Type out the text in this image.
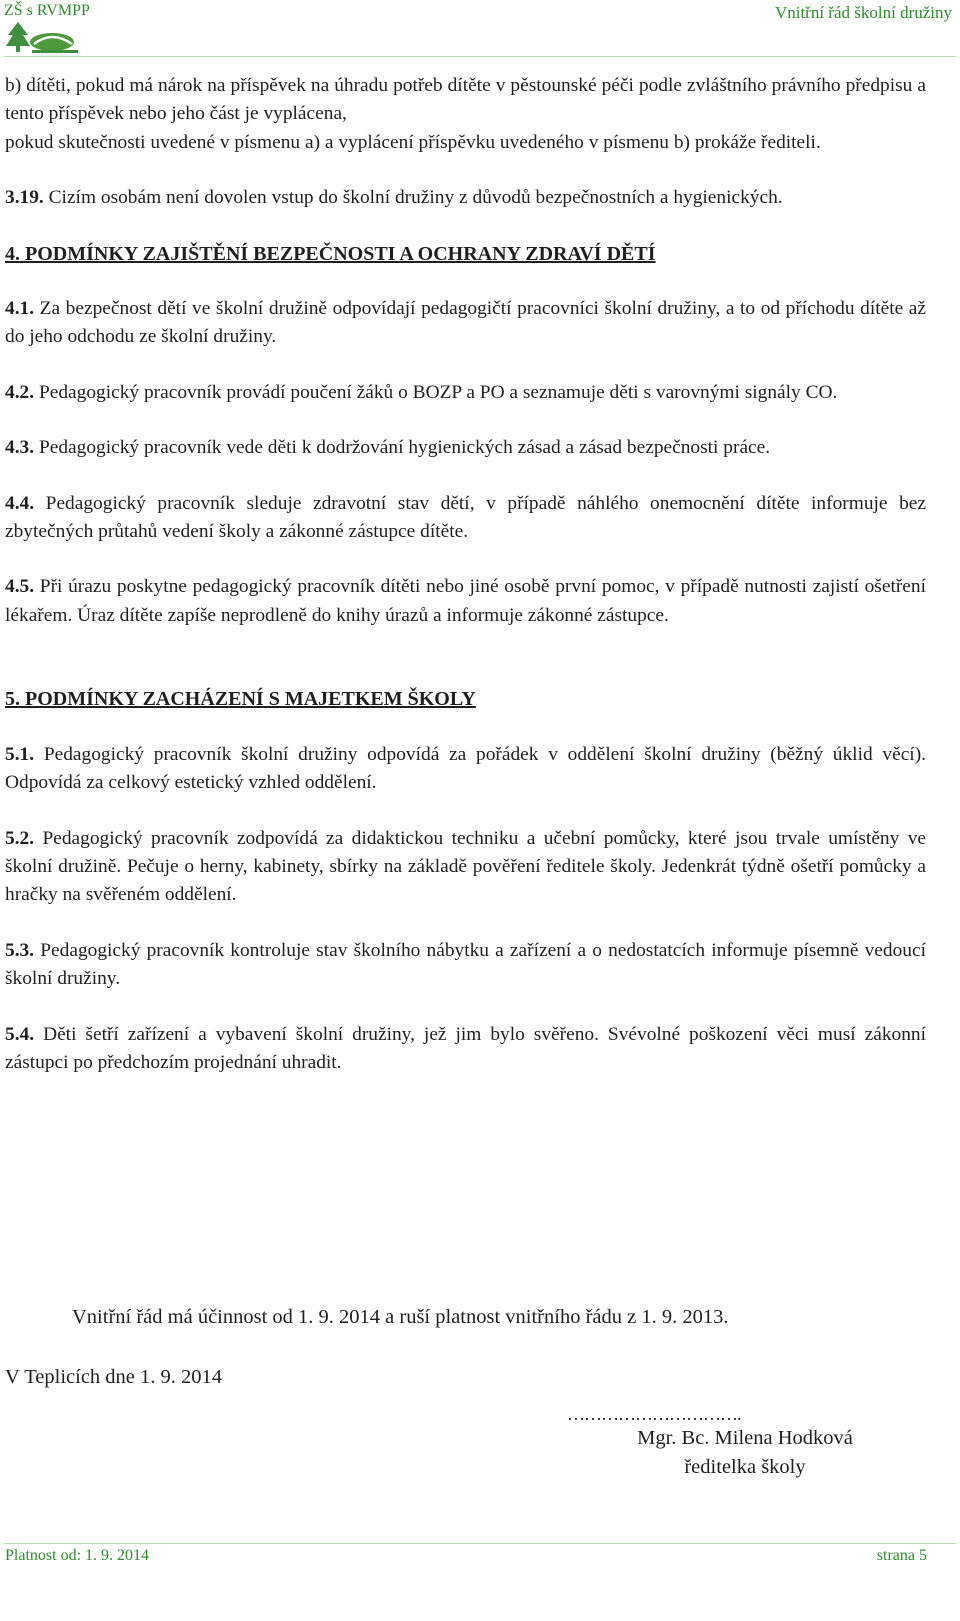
ZŠ s RVMPP	Vnitřní řád školní družiny

b) dítěti, pokud má nárok na příspěvek na úhradu potřeb dítěte v pěstounské péči podle zvláštního právního předpisu a tento příspěvek nebo jeho část je vyplácena,

pokud skutečnosti uvedené v písmenu a) a vyplácení příspěvku uvedeného v písmenu b) prokáže řediteli.

3.19. Cizím osobám není dovolen vstup do školní družiny z důvodů bezpečnostních a hygienických.

4. PODMÍNKY ZAJIŠTĚNÍ BEZPEČNOSTI A OCHRANY ZDRAVÍ DĚTÍ

4.1. Za bezpečnost dětí ve školní družině odpovídají pedagogičtí pracovníci školní družiny, a to od příchodu dítěte až do jeho odchodu ze školní družiny.

4.2. Pedagogický pracovník provádí poučení žáků o BOZP a PO a seznamuje děti s varovnými signály CO.

4.3. Pedagogický pracovník vede děti k dodržování hygienických zásad a zásad bezpečnosti práce.

4.4. Pedagogický pracovník sleduje zdravotní stav dětí, v případě náhlého onemocnění dítěte informuje bez zbytečných průtahů vedení školy a zákonné zástupce dítěte.

4.5. Při úrazu poskytne pedagogický pracovník dítěti nebo jiné osobě první pomoc, v případě nutnosti zajistí ošetření lékařem. Úraz dítěte zapíše neprodleně do knihy úrazů a informuje zákonné zástupce.

5. PODMÍNKY ZACHÁZENÍ S MAJETKEM ŠKOLY

5.1. Pedagogický pracovník školní družiny odpovídá za pořádek v oddělení školní družiny (běžný úklid věcí). Odpovídá za celkový estetický vzhled oddělení.

5.2. Pedagogický pracovník zodpovídá za didaktickou techniku a učební pomůcky, které jsou trvale umístěny ve školní družině. Pečuje o herny, kabinety, sbírky na základě pověření ředitele školy. Jedenkrát týdně ošetří pomůcky a hračky na svěřeném oddělení.

5.3. Pedagogický pracovník kontroluje stav školního nábytku a zařízení a o nedostatcích informuje písemně vedoucí školní družiny.

5.4. Děti šetří zařízení a vybavení školní družiny, jež jim bylo svěřeno. Svévolné poškození věci musí zákonní zástupci po předchozím projednání uhradit.

Vnitřní řád má účinnost od 1. 9. 2014 a ruší platnost vnitřního řádu z 1. 9. 2013.
V Teplicích dne 1. 9. 2014
………………………….
Mgr. Bc. Milena Hodková
ředitelka školy
Platnost od: 1. 9. 2014	strana 5
